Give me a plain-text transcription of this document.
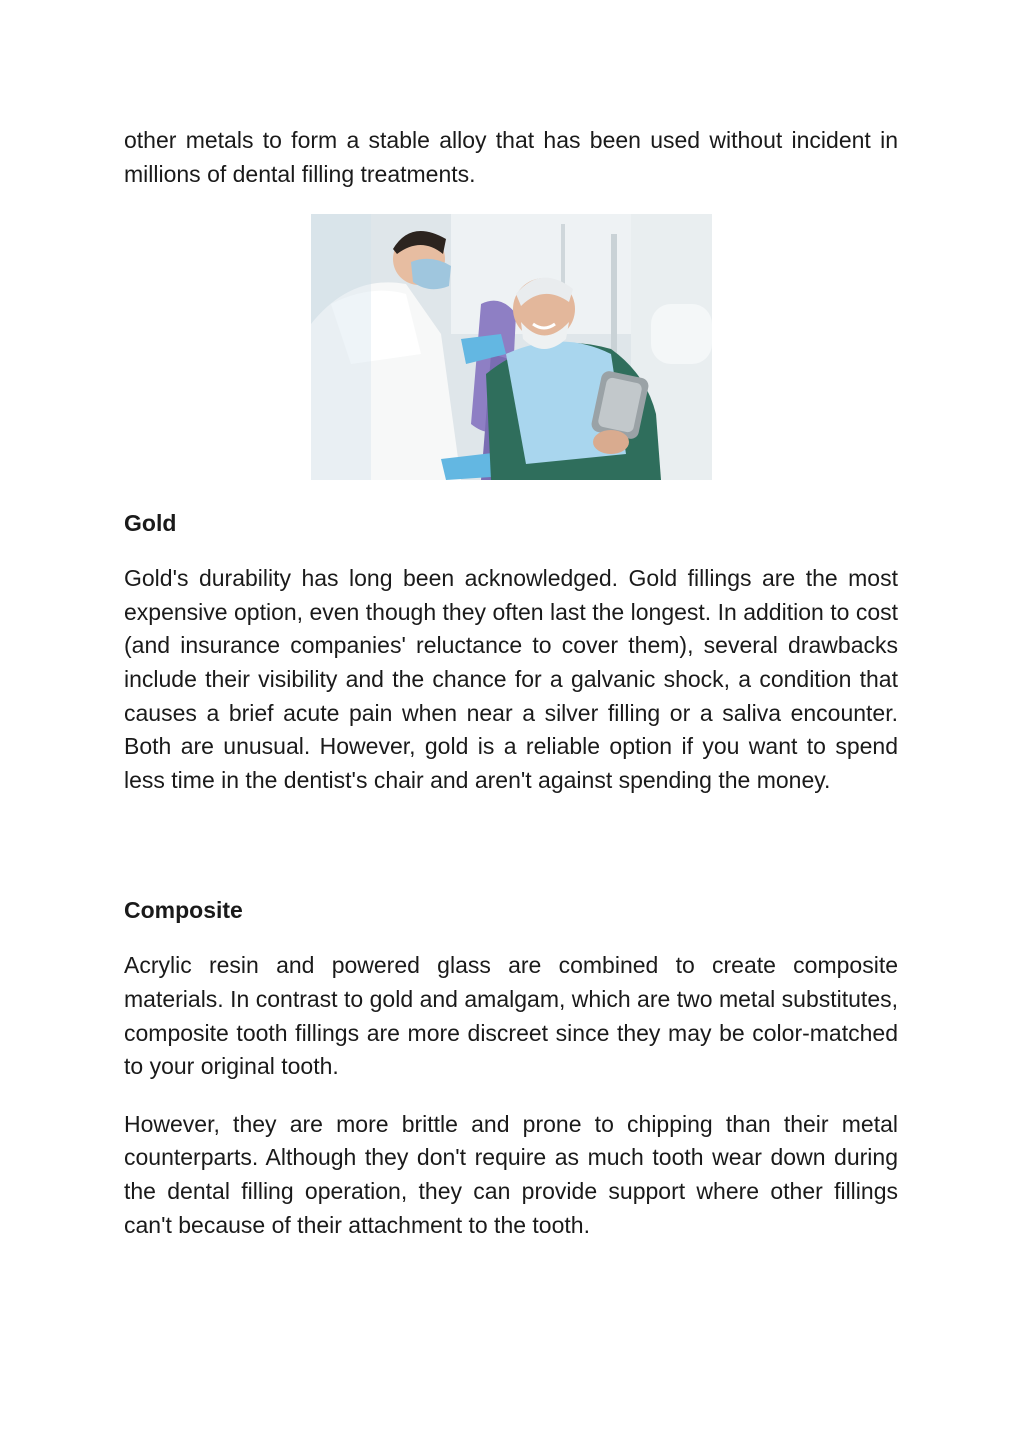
other metals to form a stable alloy that has been used without incident in millions of dental filling treatments.

Gold

Gold's durability has long been acknowledged. Gold fillings are the most expensive option, even though they often last the longest. In addition to cost (and insurance companies' reluctance to cover them), several drawbacks include their visibility and the chance for a galvanic shock, a condition that causes a brief acute pain when near a silver filling or a saliva encounter. Both are unusual. However, gold is a reliable option if you want to spend less time in the dentist's chair and aren't against spending the money.

Composite

Acrylic resin and powered glass are combined to create composite materials. In contrast to gold and amalgam, which are two metal substitutes, composite tooth fillings are more discreet since they may be color-matched to your original tooth.

However, they are more brittle and prone to chipping than their metal counterparts. Although they don't require as much tooth wear down during the dental filling operation, they can provide support where other fillings can't because of their attachment to the tooth.
